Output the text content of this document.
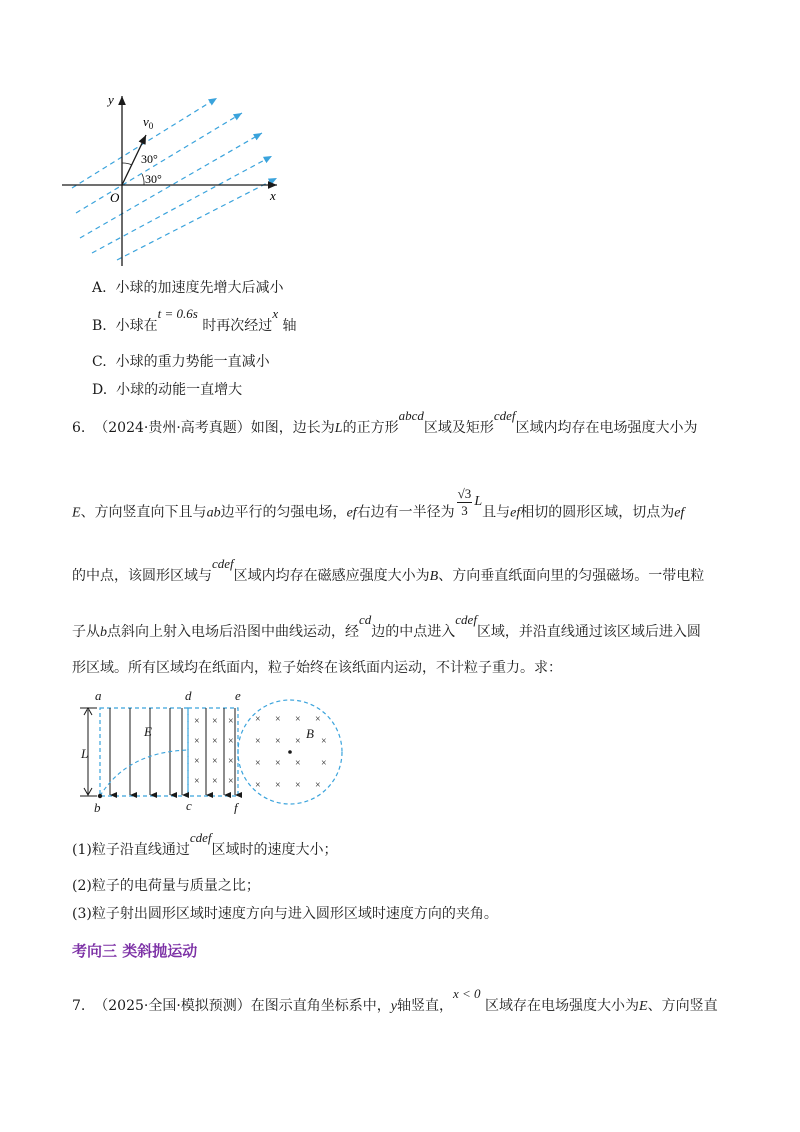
y
x
O
$v_0$
30°
30°
A. 小球的加速度先增大后减小
B. 小球在t = 0.6s 时再次经过x 轴
C. 小球的重力势能一直减小
D. 小球的动能一直增大
6. （2024·贵州·高考真题）如图，边长为L的正方形abcd区域及矩形cdef区域内均存在电场强度大小为
E、方向竖直向下且与ab边平行的匀强电场，ef右边有一半径为 $\frac{√3}{3}$ L且与ef相切的圆形区域，切点为ef
的中点，该圆形区域与cdef区域内均存在磁感应强度大小为B、方向垂直纸面向里的匀强磁场。一带电粒
子从b点斜向上射入电场后沿图中曲线运动，经cd边的中点进入cdef区域，并沿直线通过该区域后进入圆
形区域。所有区域均在纸面内，粒子始终在该纸面内运动，不计粒子重力。求：
× × ×
× × ×
× × ×
× × ×
× × × ×
× × × ×
× × × ×
× × × ×
a	d	e
b	c	f
L
E	B
(1)粒子沿直线通过cdef区域时的速度大小；
(2)粒子的电荷量与质量之比；
(3)粒子射出圆形区域时速度方向与进入圆形区域时速度方向的夹角。
考向三 类斜抛运动
7. （2025·全国·模拟预测）在图示直角坐标系中，y轴竖直，x < 0 区域存在电场强度大小为E、方向竖直
